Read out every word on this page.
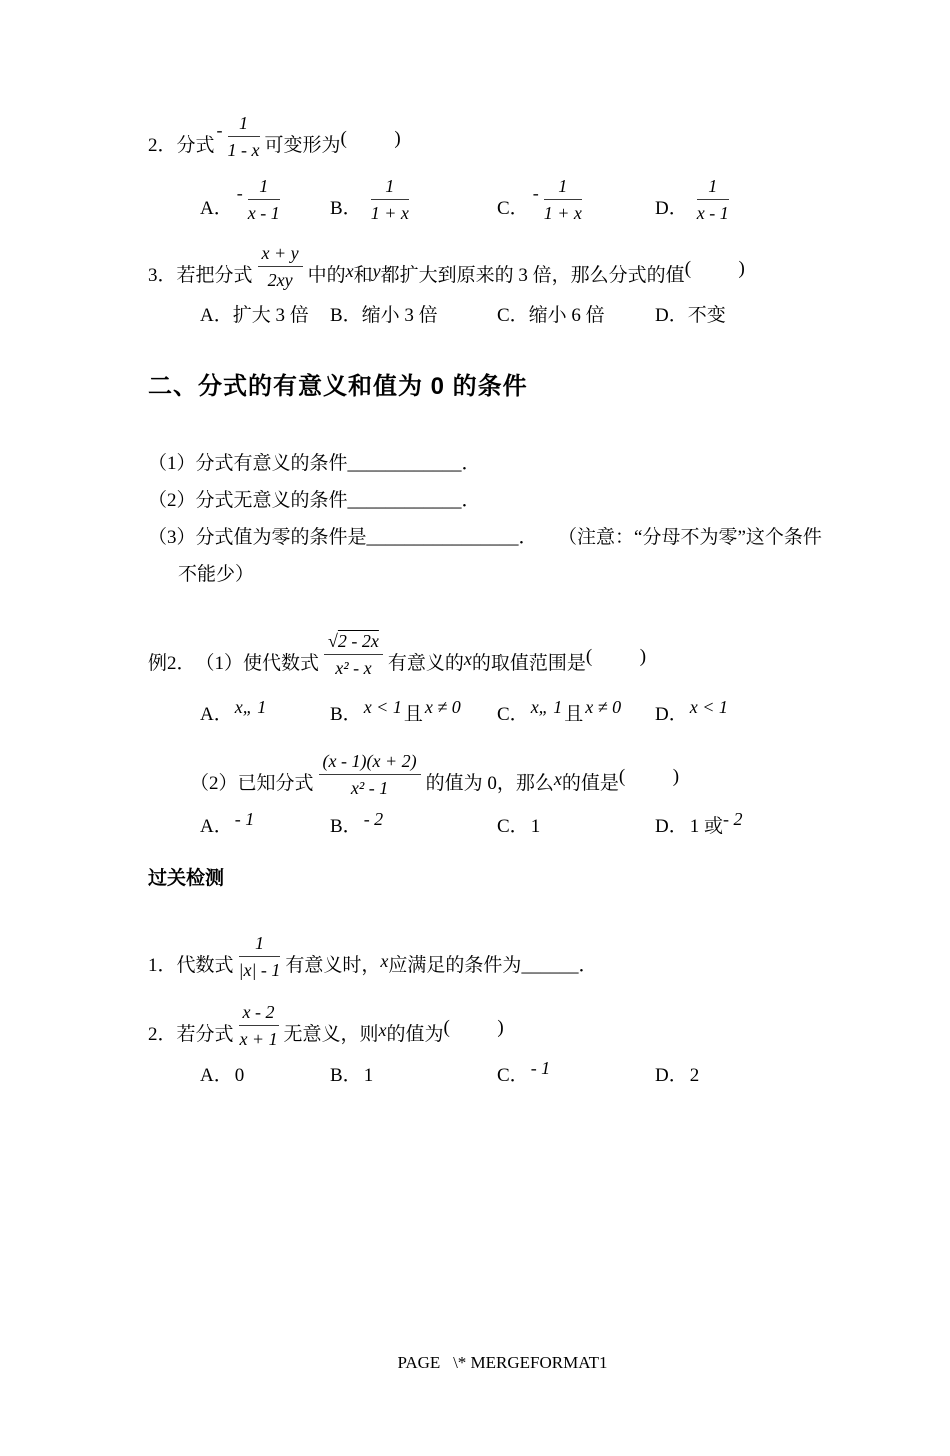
2．分式- $\frac{1}{1 - x}$ 可变形为(          )
A．- $\frac{1}{x - 1}$	B． $\frac{1}{1 + x}$	C．- $\frac{1}{1 + x}$	D． $\frac{1}{x - 1}$
3．若把分式 $\frac{x + y}{2xy}$ 中的x和y都扩大到原来的 3 倍，那么分式的值(          )
A．扩大 3 倍 B．缩小 3 倍	C．缩小 6 倍	D．不变
二、分式的有意义和值为 0 的条件
（1）分式有意义的条件____________．
（2）分式无意义的条件____________．
（3）分式值为零的条件是________________． （注意：“分母不为零”这个条件
不能少）
例2．　（1）使代数式 $\frac{√2 - 2x}{\text{x² - x}}$ 有意义的x的取值范围是(          )
A． x„ 1	B． x < 1 且 x ≠ 0 C． x„ 1 且 x ≠ 0 D． x < 1
（2）已知分式 $\frac{(x - 1)(x + 2)}{\text{x² - 1}}$ 的值为 0，那么x的值是(          )
A． - 1	B． - 2	C． 1	D． 1 或- 2
过关检测
1．代数式 $\frac{1}{|x| - 1}$ 有意义时，x应满足的条件为______．
2．若分式 $\frac{x - 2}{x + 1}$ 无意义，则x的值为(          )
A． 0	B． 1	C． - 1	D． 2
PAGE   \* MERGEFORMAT1
